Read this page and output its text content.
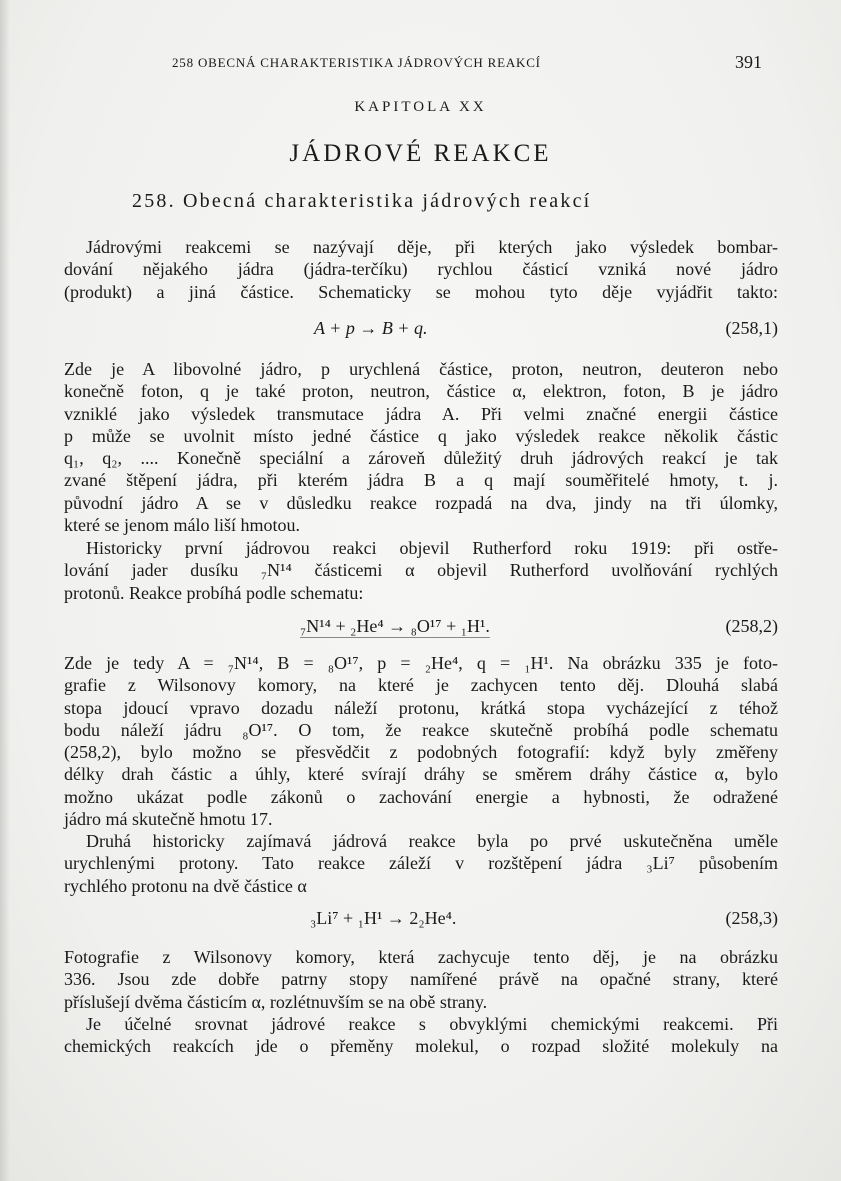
258 OBECNÁ CHARAKTERISTIKA JÁDROVÝCH REAKCÍ	391
KAPITOLA XX
JÁDROVÉ REAKCE
258. Obecná charakteristika jádrových reakcí
Jádrovými reakcemi se nazývají děje, při kterých jako výsledek bombar-
dování nějakého jádra (jádra-terčíku) rychlou částicí vzniká nové jádro
(produkt) a jiná částice. Schematicky se mohou tyto děje vyjádřit takto:
A + p → B + q.	(258,1)
Zde je A libovolné jádro, p urychlená částice, proton, neutron, deuteron nebo
konečně foton, q je také proton, neutron, částice α, elektron, foton, B je jádro
vzniklé jako výsledek transmutace jádra A. Při velmi značné energii částice
p může se uvolnit místo jedné částice q jako výsledek reakce několik částic
q₁, q₂, .... Konečně speciální a zároveň důležitý druh jádrových reakcí je tak
zvané štěpení jádra, při kterém jádra B a q mají souměřitelé hmoty, t. j.
původní jádro A se v důsledku reakce rozpadá na dva, jindy na tři úlomky,
které se jenom málo liší hmotou.
Historicky první jádrovou reakci objevil Rutherford roku 1919: při ostře-
lování jader dusíku ₇N¹⁴ částicemi α objevil Rutherford uvolňování rychlých
protonů. Reakce probíhá podle schematu:
₇N¹⁴ + ₂He⁴ → ₈O¹⁷ + ₁H¹.	(258,2)
Zde je tedy A = ₇N¹⁴, B = ₈O¹⁷, p = ₂He⁴, q = ₁H¹. Na obrázku 335 je foto-
grafie z Wilsonovy komory, na které je zachycen tento děj. Dlouhá slabá
stopa jdoucí vpravo dozadu náleží protonu, krátká stopa vycházející z téhož
bodu náleží jádru ₈O¹⁷. O tom, že reakce skutečně probíhá podle schematu
(258,2), bylo možno se přesvědčit z podobných fotografií: když byly změřeny
délky drah částic a úhly, které svírají dráhy se směrem dráhy částice α, bylo
možno ukázat podle zákonů o zachování energie a hybnosti, že odražené
jádro má skutečně hmotu 17.
Druhá historicky zajímavá jádrová reakce byla po prvé uskutečněna uměle
urychlenými protony. Tato reakce záleží v rozštěpení jádra ₃Li⁷ působením
rychlého protonu na dvě částice α
₃Li⁷ + ₁H¹ → 2₂He⁴.	(258,3)
Fotografie z Wilsonovy komory, která zachycuje tento děj, je na obrázku
336. Jsou zde dobře patrny stopy namířené právě na opačné strany, které
příslušejí dvěma částicím α, rozlétnuvším se na obě strany.
Je účelné srovnat jádrové reakce s obvyklými chemickými reakcemi. Při
chemických reakcích jde o přeměny molekul, o rozpad složité molekuly na
